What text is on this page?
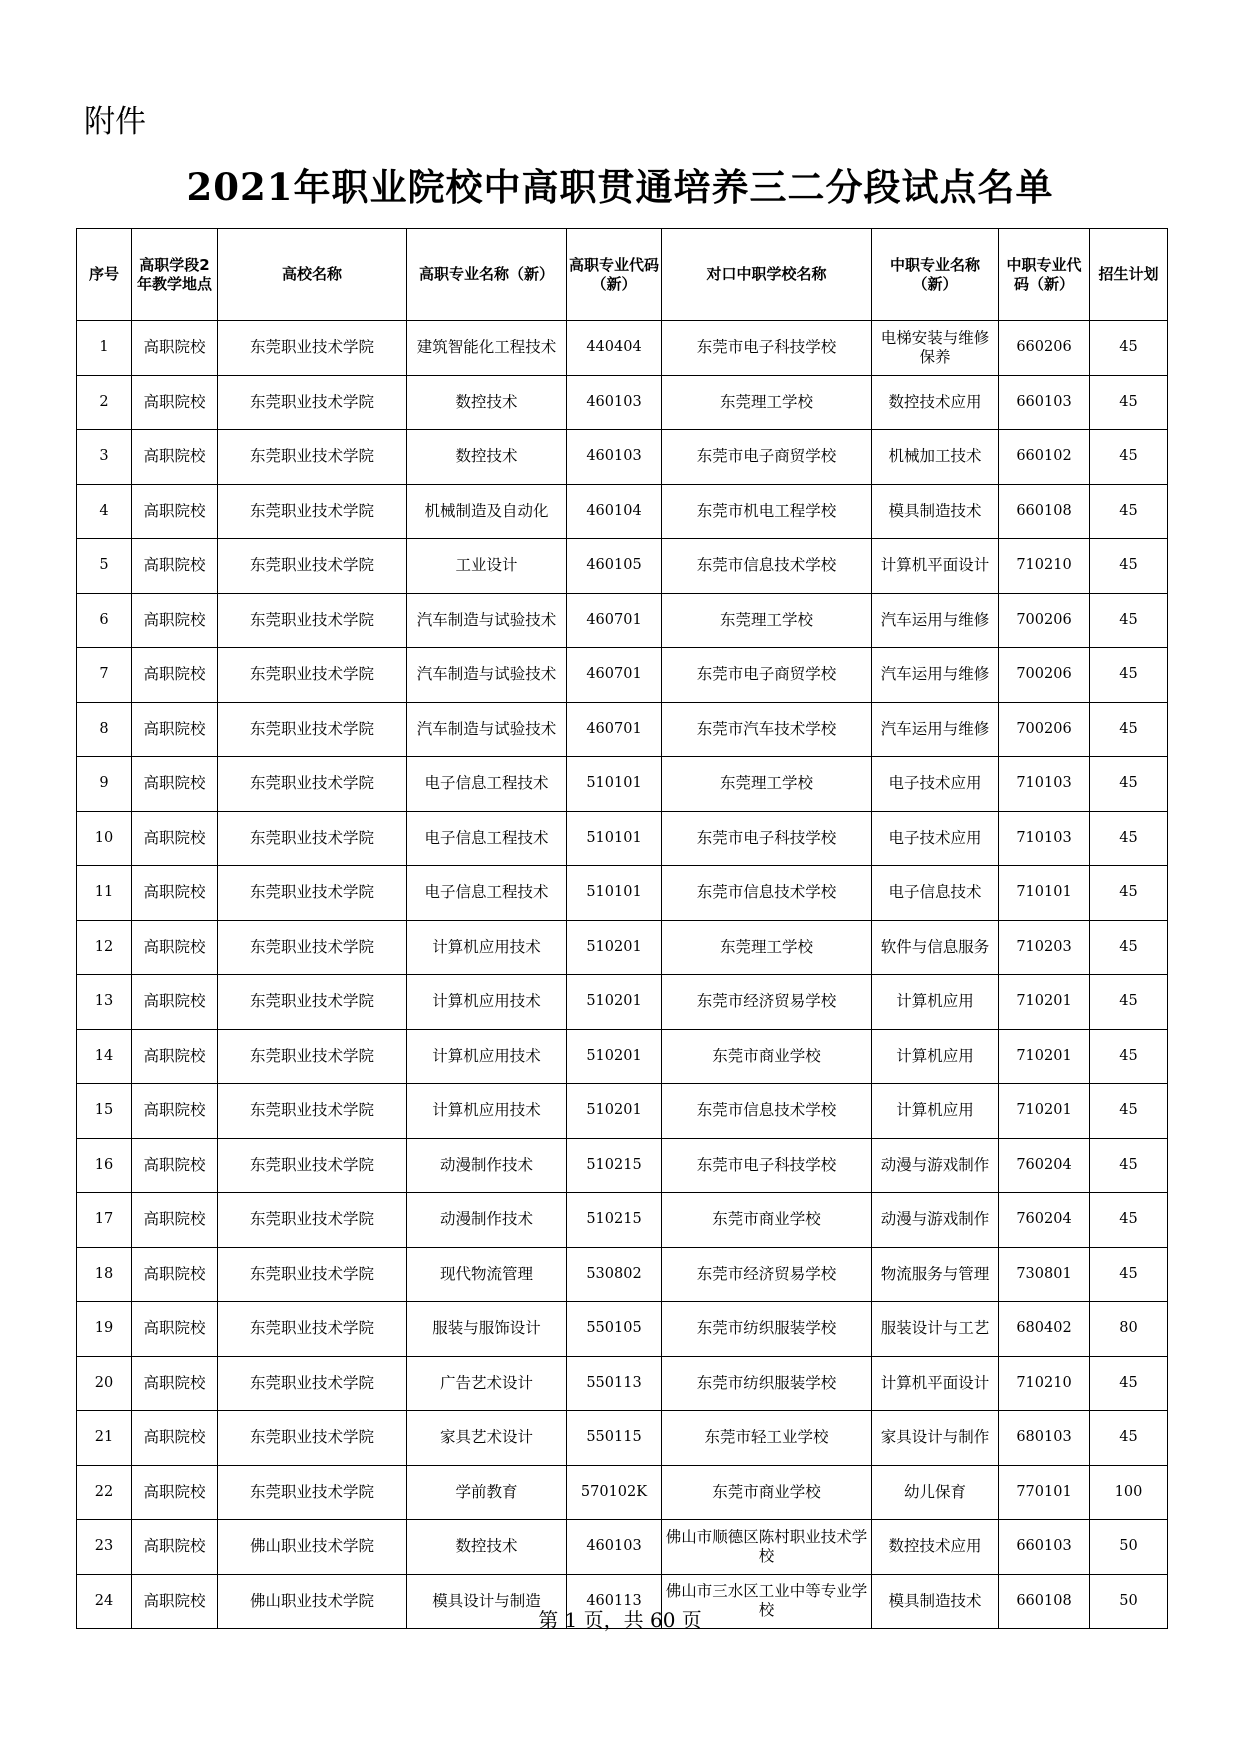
附件
2021年职业院校中高职贯通培养三二分段试点名单
序号	高职学段2年教学地点	高校名称	高职专业名称（新）	高职专业代码（新）	对口中职学校名称	中职专业名称（新）	中职专业代码（新）	招生计划
1	高职院校	东莞职业技术学院	建筑智能化工程技术	440404	东莞市电子科技学校	电梯安装与维修保养	660206	45
2	高职院校	东莞职业技术学院	数控技术	460103	东莞理工学校	数控技术应用	660103	45
3	高职院校	东莞职业技术学院	数控技术	460103	东莞市电子商贸学校	机械加工技术	660102	45
4	高职院校	东莞职业技术学院	机械制造及自动化	460104	东莞市机电工程学校	模具制造技术	660108	45
5	高职院校	东莞职业技术学院	工业设计	460105	东莞市信息技术学校	计算机平面设计	710210	45
6	高职院校	东莞职业技术学院	汽车制造与试验技术	460701	东莞理工学校	汽车运用与维修	700206	45
7	高职院校	东莞职业技术学院	汽车制造与试验技术	460701	东莞市电子商贸学校	汽车运用与维修	700206	45
8	高职院校	东莞职业技术学院	汽车制造与试验技术	460701	东莞市汽车技术学校	汽车运用与维修	700206	45
9	高职院校	东莞职业技术学院	电子信息工程技术	510101	东莞理工学校	电子技术应用	710103	45
10	高职院校	东莞职业技术学院	电子信息工程技术	510101	东莞市电子科技学校	电子技术应用	710103	45
11	高职院校	东莞职业技术学院	电子信息工程技术	510101	东莞市信息技术学校	电子信息技术	710101	45
12	高职院校	东莞职业技术学院	计算机应用技术	510201	东莞理工学校	软件与信息服务	710203	45
13	高职院校	东莞职业技术学院	计算机应用技术	510201	东莞市经济贸易学校	计算机应用	710201	45
14	高职院校	东莞职业技术学院	计算机应用技术	510201	东莞市商业学校	计算机应用	710201	45
15	高职院校	东莞职业技术学院	计算机应用技术	510201	东莞市信息技术学校	计算机应用	710201	45
16	高职院校	东莞职业技术学院	动漫制作技术	510215	东莞市电子科技学校	动漫与游戏制作	760204	45
17	高职院校	东莞职业技术学院	动漫制作技术	510215	东莞市商业学校	动漫与游戏制作	760204	45
18	高职院校	东莞职业技术学院	现代物流管理	530802	东莞市经济贸易学校	物流服务与管理	730801	45
19	高职院校	东莞职业技术学院	服装与服饰设计	550105	东莞市纺织服装学校	服装设计与工艺	680402	80
20	高职院校	东莞职业技术学院	广告艺术设计	550113	东莞市纺织服装学校	计算机平面设计	710210	45
21	高职院校	东莞职业技术学院	家具艺术设计	550115	东莞市轻工业学校	家具设计与制作	680103	45
22	高职院校	东莞职业技术学院	学前教育	570102K	东莞市商业学校	幼儿保育	770101	100
23	高职院校	佛山职业技术学院	数控技术	460103	佛山市顺德区陈村职业技术学校	数控技术应用	660103	50
24	高职院校	佛山职业技术学院	模具设计与制造	460113	佛山市三水区工业中等专业学校	模具制造技术	660108	50
第 1 页，共 60 页
